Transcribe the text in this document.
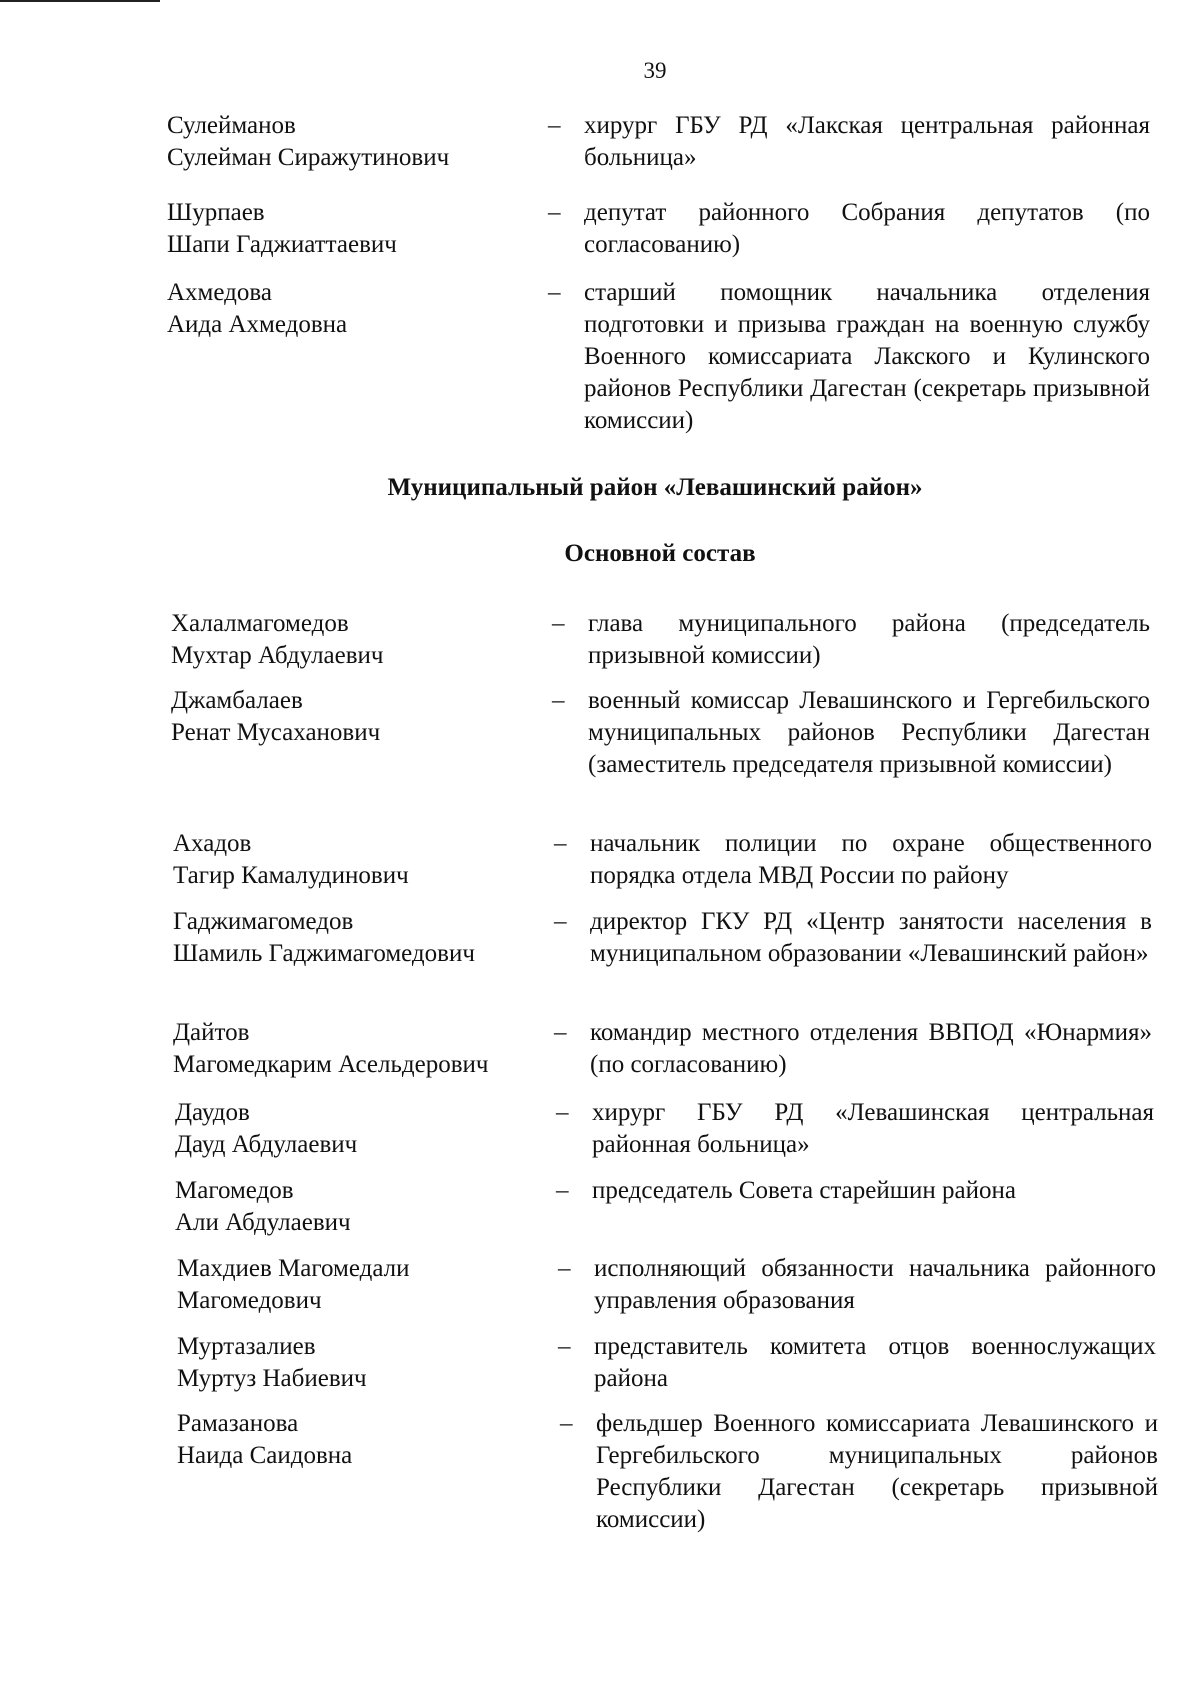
39
Сулейманов
Сулейман Сиражутинович
– хирург ГБУ РД «Лакская центральная районная больница»
Шурпаев
Шапи Гаджиаттаевич
– депутат районного Собрания депутатов (по согласованию)
Ахмедова
Аида Ахмедовна
– старший помощник начальника отделения подготовки и призыва граждан на военную службу Военного комиссариата Лакского и Кулинского районов Республики Дагестан (секретарь призывной комиссии)
Муниципальный район «Левашинский район»
Основной состав
Халалмагомедов
Мухтар Абдулаевич
– глава муниципального района (председатель призывной комиссии)
Джамбалаев
Ренат Мусаханович
– военный комиссар Левашинского и Гергебильского муниципальных районов Республики Дагестан (заместитель председателя призывной комиссии)
Ахадов
Тагир Камалудинович
– начальник полиции по охране общественного порядка отдела МВД России по району
Гаджимагомедов
Шамиль Гаджимагомедович
– директор ГКУ РД «Центр занятости населения в муниципальном образовании «Левашинский район»
Дайтов
Магомедкарим Асельдерович
– командир местного отделения ВВПОД «Юнармия» (по согласованию)
Даудов
Дауд Абдулаевич
– хирург ГБУ РД «Левашинская центральная районная больница»
Магомедов
Али Абдулаевич
– председатель Совета старейшин района
Махдиев Магомедали
Магомедович
– исполняющий обязанности начальника районного управления образования
Муртазалиев
Муртуз Набиевич
– представитель комитета отцов военнослужащих района
Рамазанова
Наида Саидовна
– фельдшер Военного комиссариата Левашинского и Гергебильского муниципальных районов Республики Дагестан (секретарь призывной комиссии)
